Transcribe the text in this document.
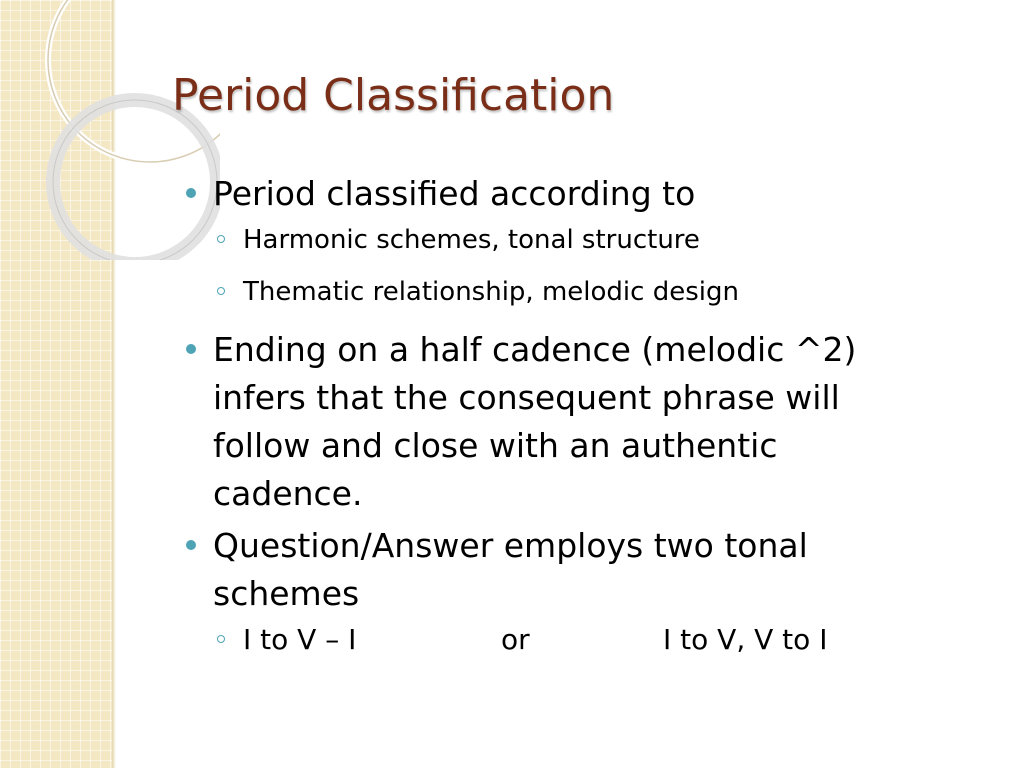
Period Classification
Period classified according to
Harmonic schemes, tonal structure
Thematic relationship, melodic design
Ending on a half cadence (melodic ^2) infers that the consequent phrase will follow and close with an authentic cadence.
Question/Answer employs two tonal schemes
I to V – I	or	I to V, V to I
